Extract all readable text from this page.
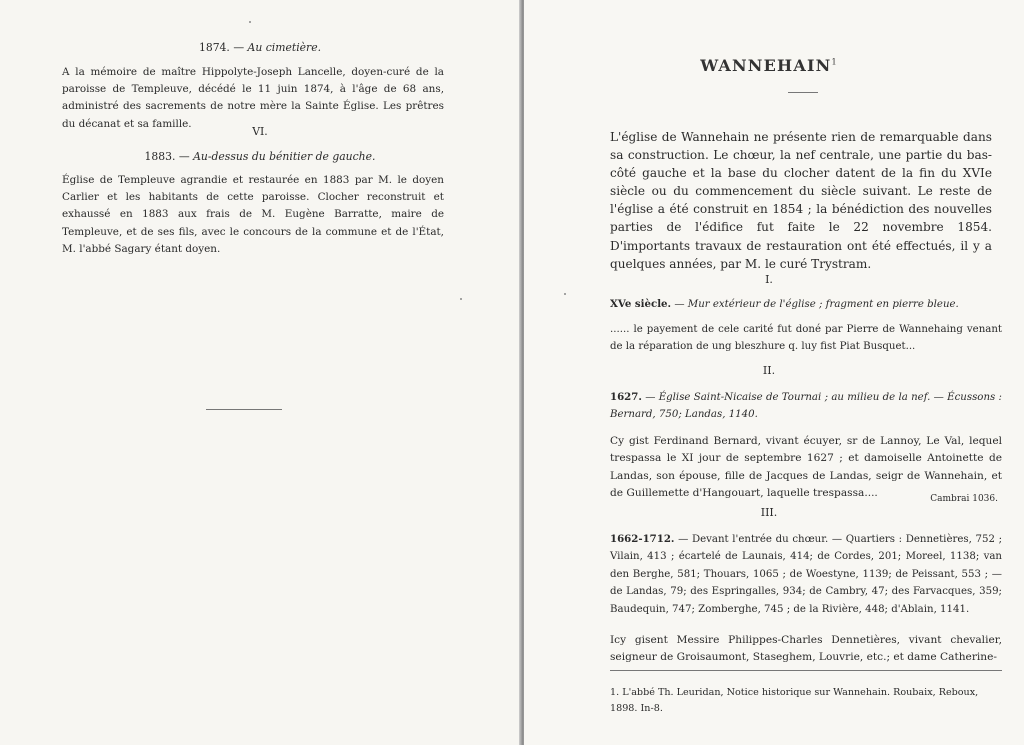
1874. — Au cimetière.
A la mémoire de maître Hippolyte-Joseph Lancelle, doyen-curé de la paroisse de Templeuve, décédé le 11 juin 1874, à l'âge de 68 ans, administré des sacrements de notre mère la Sainte Église. Les prêtres du décanat et sa famille.
VI.
1883. — Au-dessus du bénitier de gauche.
Église de Templeuve agrandie et restaurée en 1883 par M. le doyen Carlier et les habitants de cette paroisse. Clocher reconstruit et exhaussé en 1883 aux frais de M. Eugène Barratte, maire de Templeuve, et de ses fils, avec le concours de la commune et de l'État, M. l'abbé Sagary étant doyen.
WANNEHAIN$^1$
L'église de Wannehain ne présente rien de remarquable dans sa construction. Le chœur, la nef centrale, une partie du bas-côté gauche et la base du clocher datent de la fin du XVIe siècle ou du commencement du siècle suivant. Le reste de l'église a été construit en 1854 ; la bénédiction des nouvelles parties de l'édifice fut faite le 22 novembre 1854. D'importants travaux de restauration ont été effectués, il y a quelques années, par M. le curé Trystram.
I.
XVe siècle. — Mur extérieur de l'église ; fragment en pierre bleue.
...... le payement de cele carité fut doné par Pierre de Wannehaing venant de la réparation de ung bleszhure q. luy fist Piat Busquet...
II.
1627. — Église Saint-Nicaise de Tournai ; au milieu de la nef. — Écussons : Bernard, 750; Landas, 1140.
Cy gist Ferdinand Bernard, vivant écuyer, sr de Lannoy, Le Val, lequel trespassa le XI jour de septembre 1627 ; et damoiselle Antoinette de Landas, son épouse, fille de Jacques de Landas, seigr de Wannehain, et de Guillemette d'Hangouart, laquelle trespassa....	Cambrai 1036.
III.
1662-1712. — Devant l'entrée du chœur. — Quartiers : Dennetières, 752 ; Vilain, 413 ; écartelé de Launais, 414; de Cordes, 201; Moreel, 1138; van den Berghe, 581; Thouars, 1065 ; de Woestyne, 1139; de Peissant, 553 ; — de Landas, 79; des Espringalles, 934; de Cambry, 47; des Farvacques, 359; Baudequin, 747; Zomberghe, 745 ; de la Rivière, 448; d'Ablain, 1141.
Icy gisent Messire Philippes-Charles Dennetières, vivant chevalier, seigneur de Groisaumont, Staseghem, Louvrie, etc.; et dame Catherine-
1. L'abbé Th. Leuridan, Notice historique sur Wannehain. Roubaix, Reboux, 1898. In-8.
